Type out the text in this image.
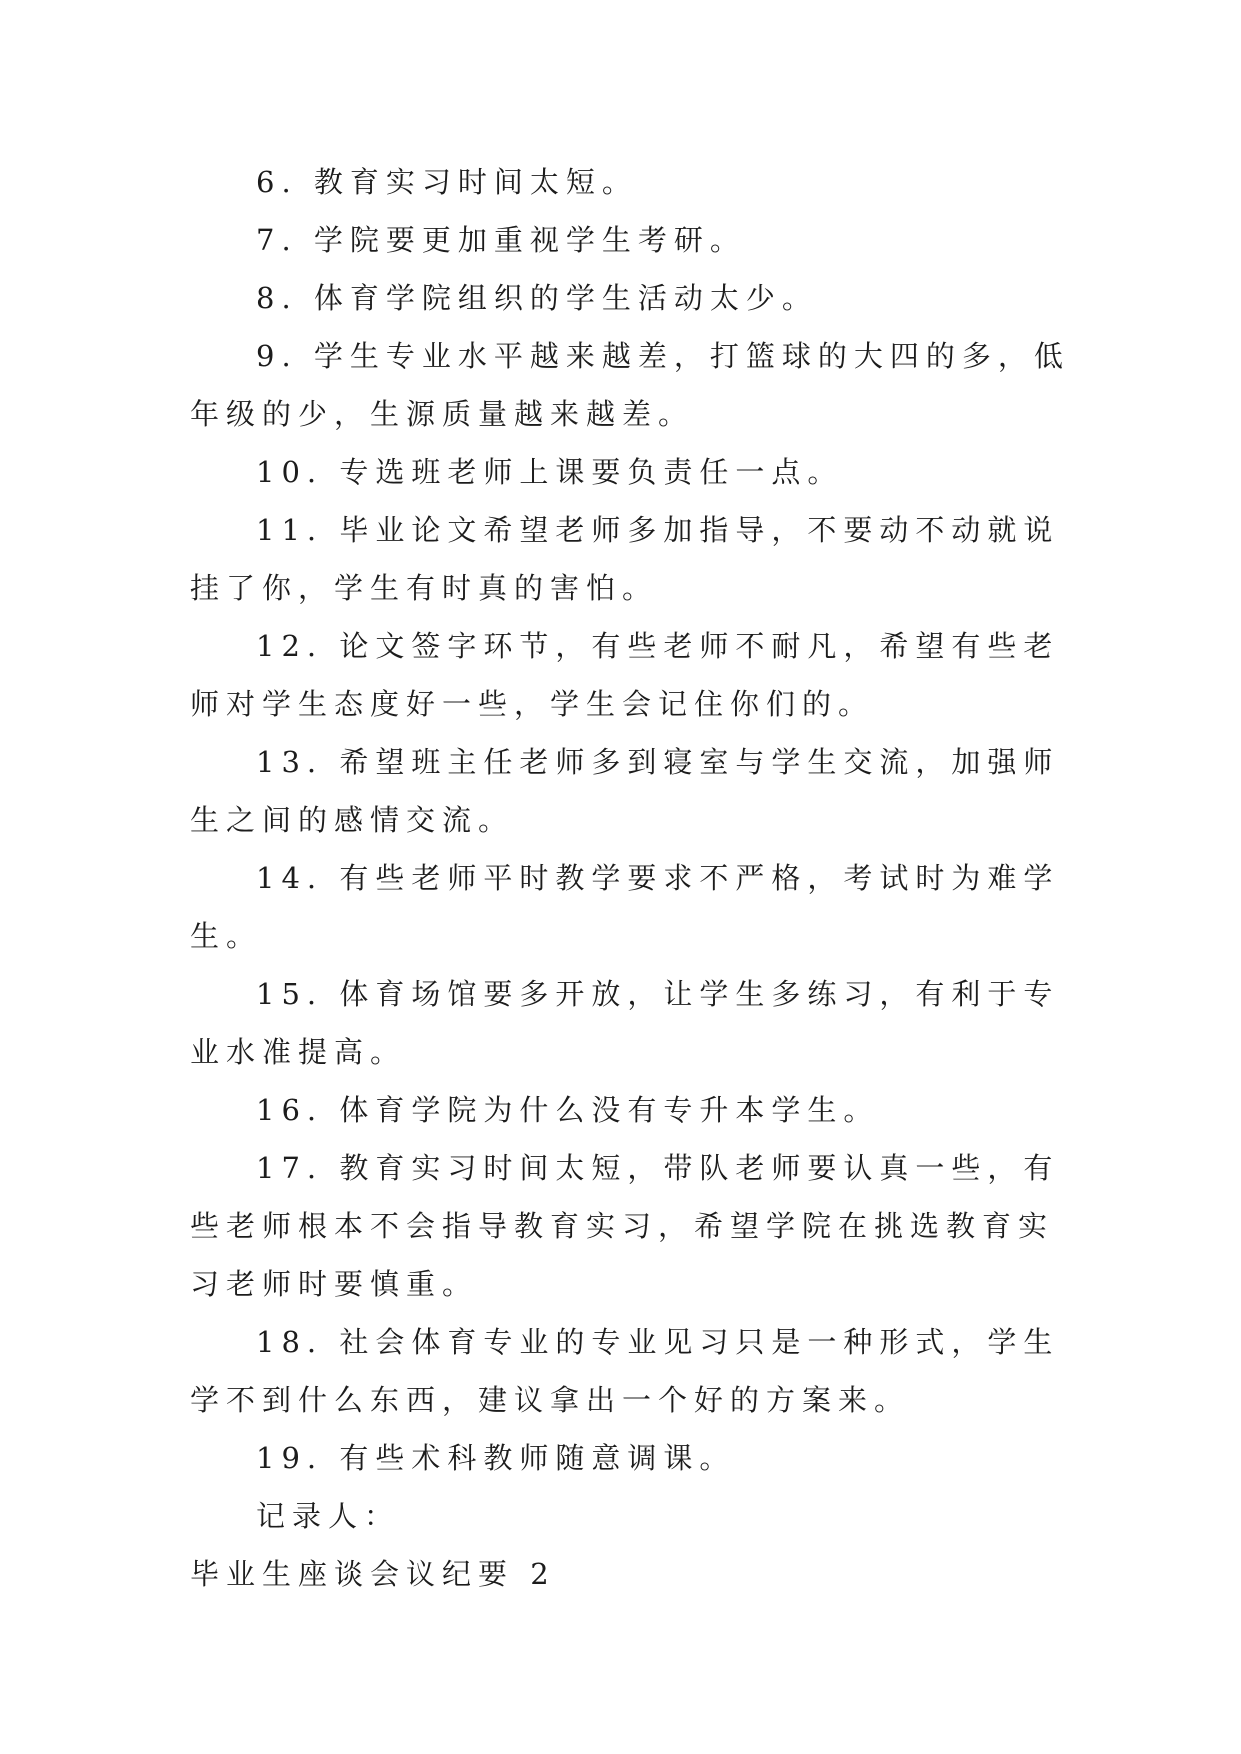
6. 教育实习时间太短。

7. 学院要更加重视学生考研。

8. 体育学院组织的学生活动太少。

9. 学生专业水平越来越差，打篮球的大四的多，低年级的少，生源质量越来越差。

10. 专选班老师上课要负责任一点。

11. 毕业论文希望老师多加指导，不要动不动就说挂了你，学生有时真的害怕。

12. 论文签字环节，有些老师不耐凡，希望有些老师对学生态度好一些，学生会记住你们的。

13. 希望班主任老师多到寝室与学生交流，加强师生之间的感情交流。

14. 有些老师平时教学要求不严格，考试时为难学生。

15. 体育场馆要多开放，让学生多练习，有利于专业水准提高。

16. 体育学院为什么没有专升本学生。

17. 教育实习时间太短，带队老师要认真一些，有些老师根本不会指导教育实习，希望学院在挑选教育实习老师时要慎重。

18. 社会体育专业的专业见习只是一种形式，学生学不到什么东西，建议拿出一个好的方案来。

19. 有些术科教师随意调课。

记录人：

毕业生座谈会议纪要 2
